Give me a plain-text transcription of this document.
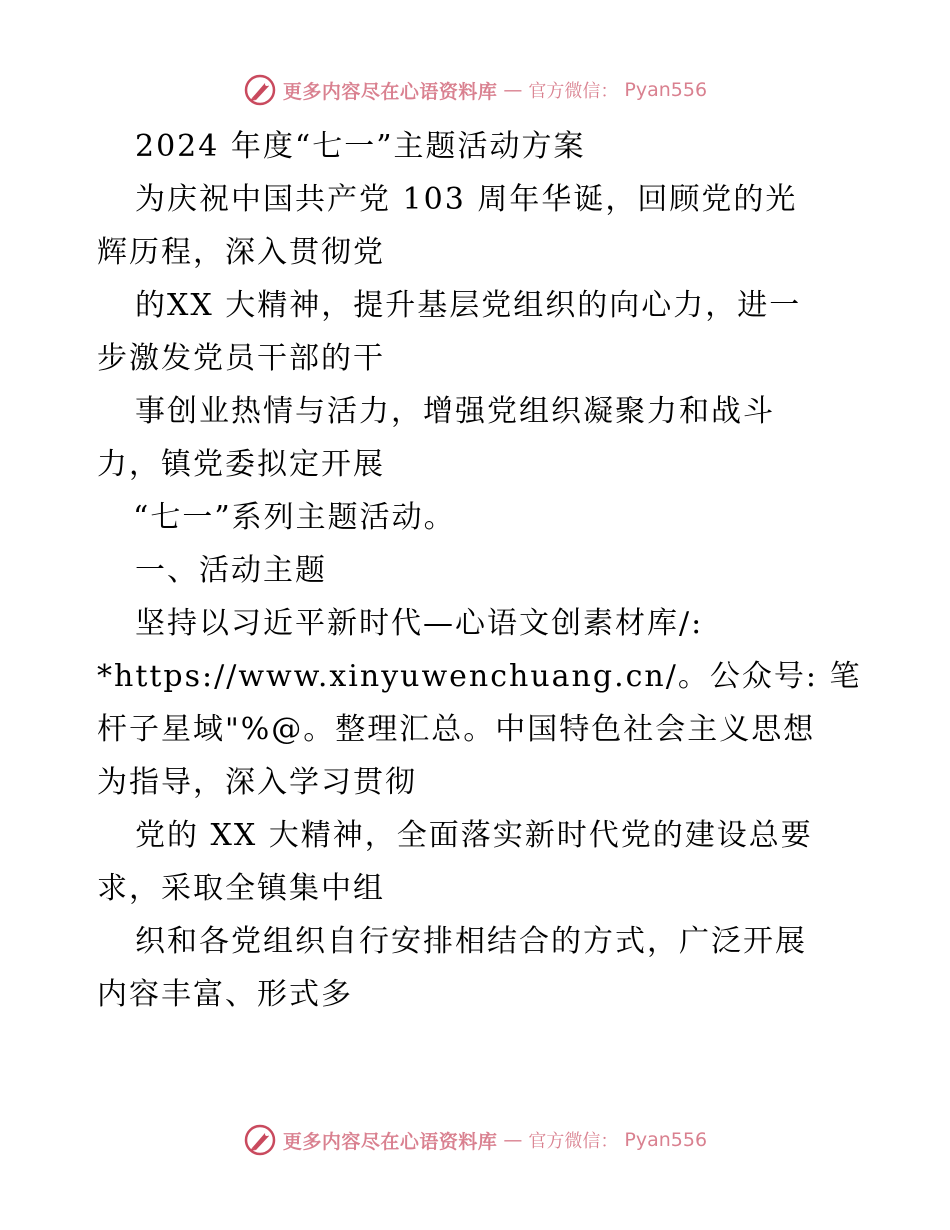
更多内容尽在心语资料库 — 官方微信： Pyan556
2024 年度“七一”主题活动方案
为庆祝中国共产党 103 周年华诞，回顾党的光
辉历程，深入贯彻党
的XX 大精神，提升基层党组织的向心力，进一
步激发党员干部的干
事创业热情与活力，增强党组织凝聚力和战斗
力，镇党委拟定开展
“七一”系列主题活动。
一、活动主题
坚持以习近平新时代—心语文创素材库/:
*https://www.xinyuwenchuang.cn/。公众号: 笔
杆子星域"%@。整理汇总。中国特色社会主义思想
为指导，深入学习贯彻
党的 XX 大精神，全面落实新时代党的建设总要
求，采取全镇集中组
织和各党组织自行安排相结合的方式，广泛开展
内容丰富、形式多
更多内容尽在心语资料库 — 官方微信： Pyan556
